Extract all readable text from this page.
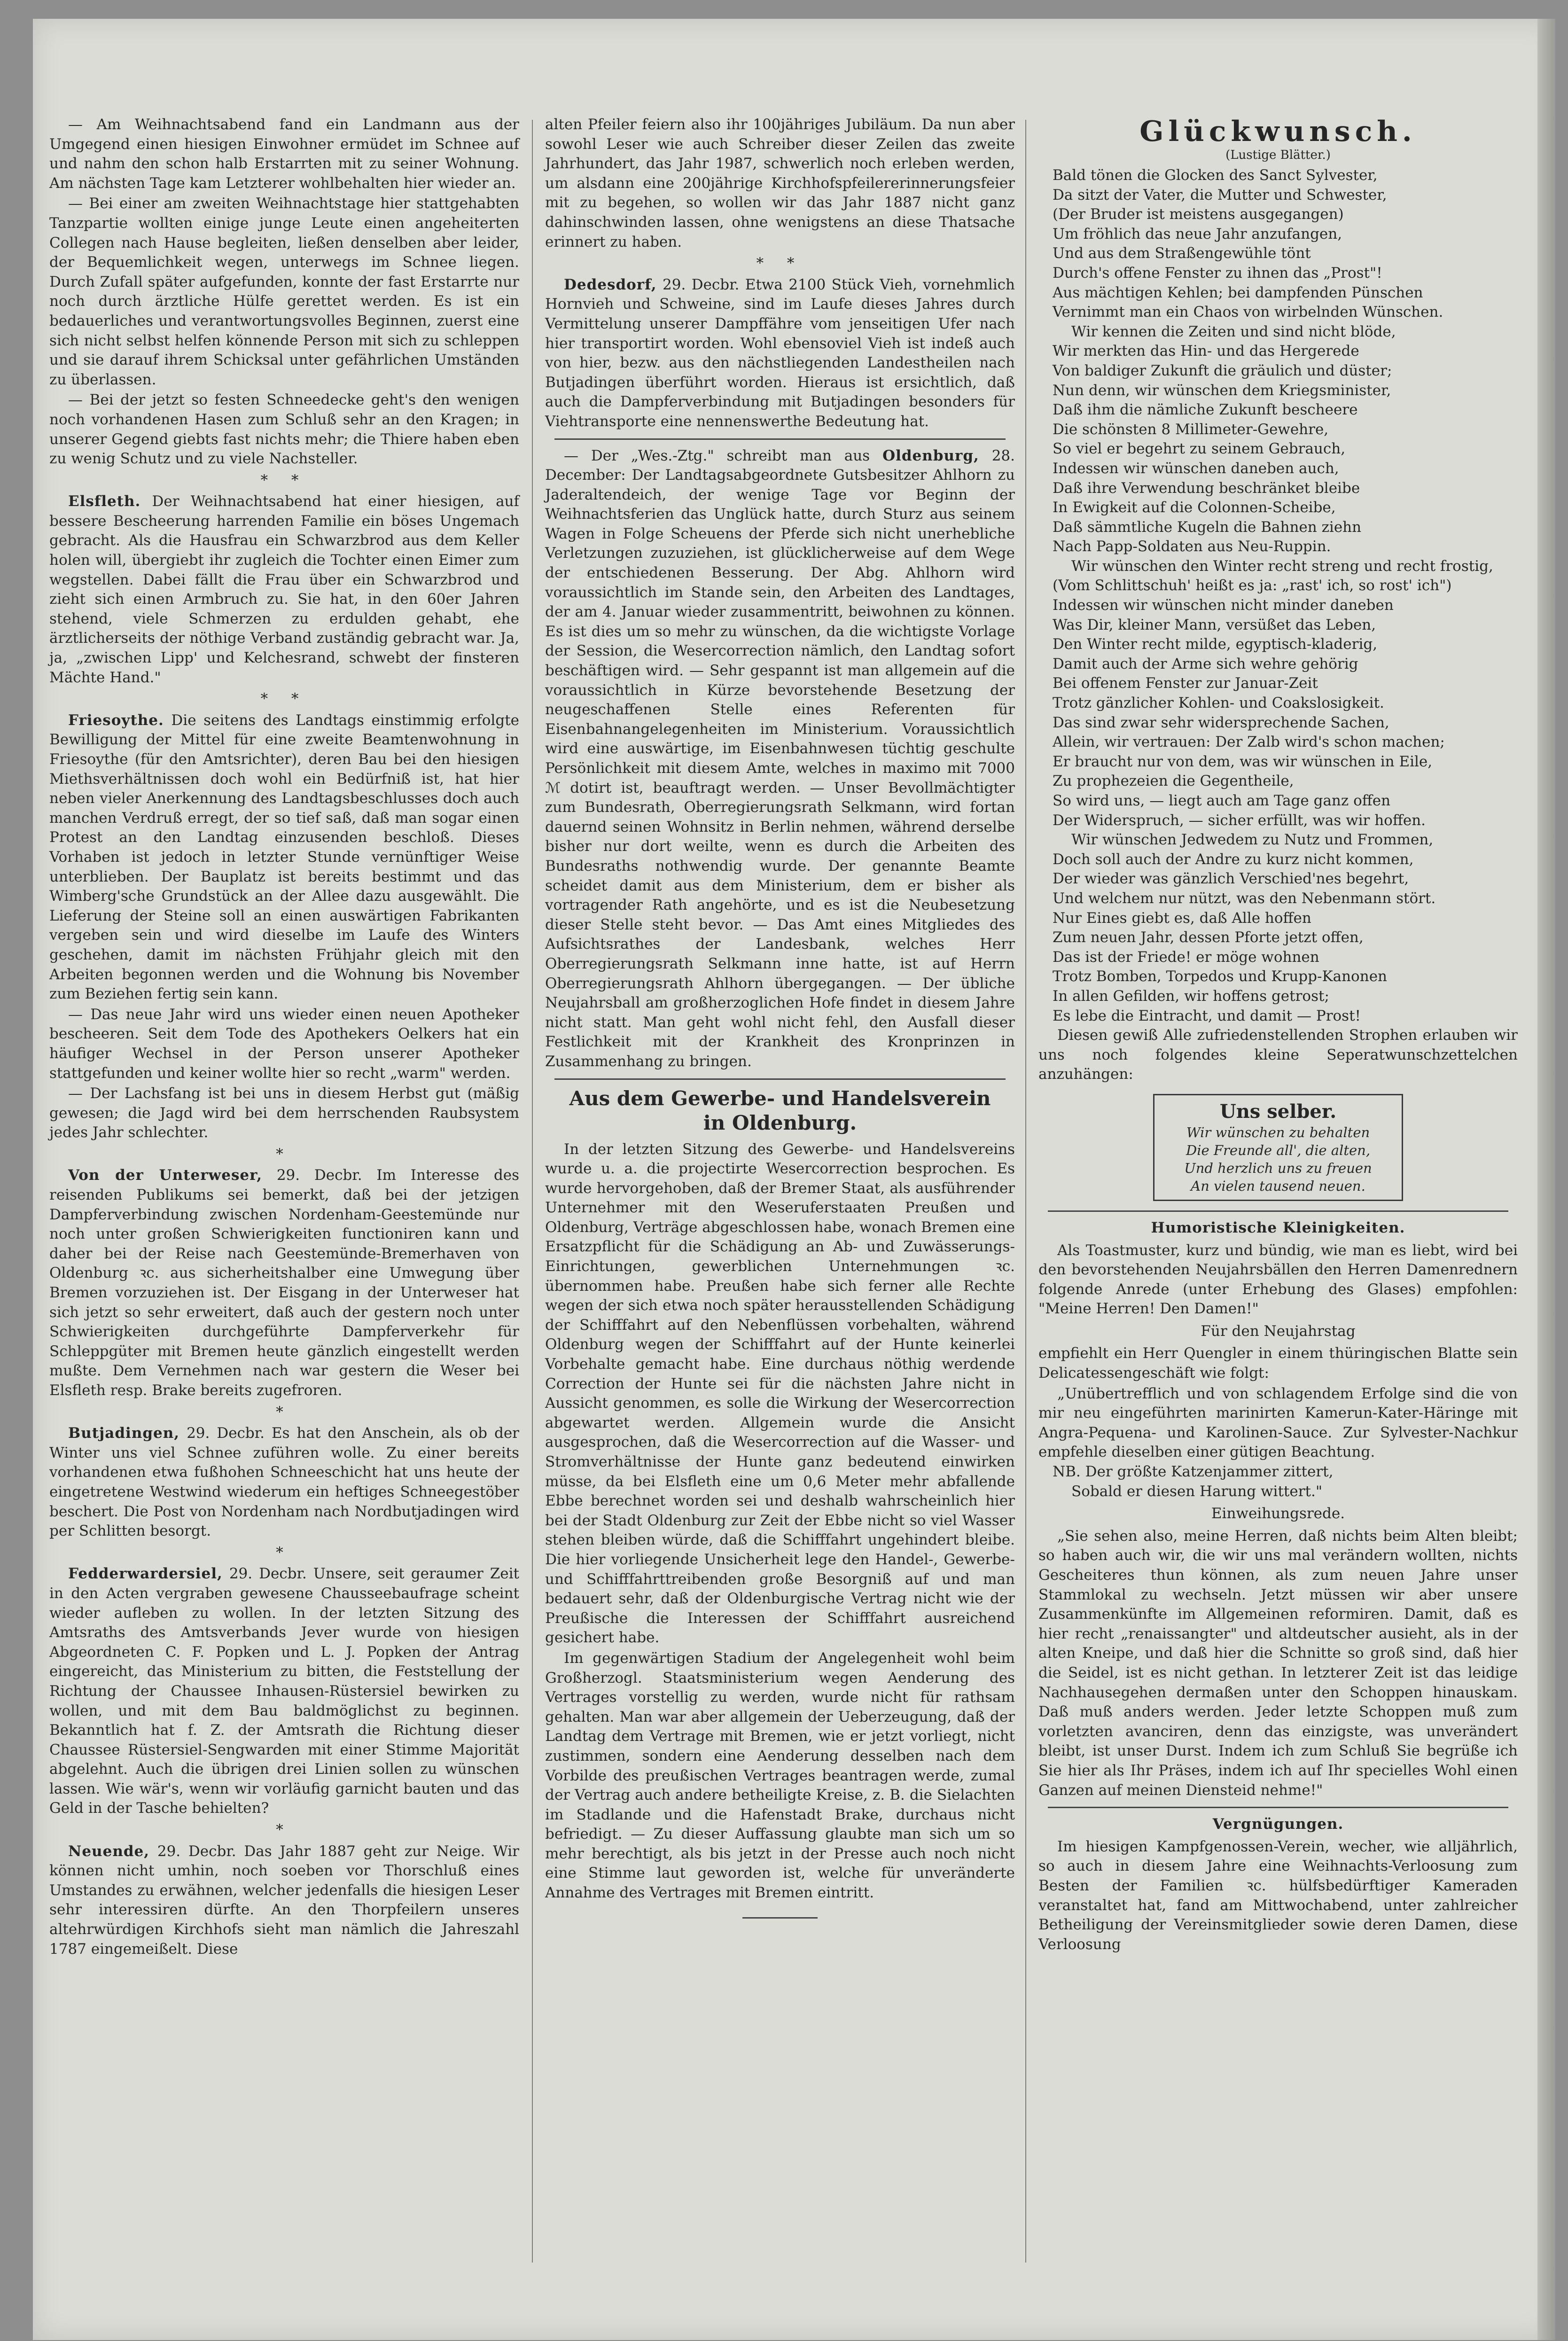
— Am Weihnachtsabend fand ein Landmann aus der Umgegend einen hiesigen Einwohner ermüdet im Schnee auf und nahm den schon halb Erstarrten mit zu seiner Wohnung. Am nächsten Tage kam Letzterer wohlbehalten hier wieder an.

— Bei einer am zweiten Weihnachtstage hier stattgehabten Tanzpartie wollten einige junge Leute einen angeheiterten Collegen nach Hause begleiten, ließen denselben aber leider, der Bequemlichkeit wegen, unterwegs im Schnee liegen. Durch Zufall später aufgefunden, konnte der fast Erstarrte nur noch durch ärztliche Hülfe gerettet werden. Es ist ein bedauerliches und verantwortungsvolles Beginnen, zuerst eine sich nicht selbst helfen könnende Person mit sich zu schleppen und sie darauf ihrem Schicksal unter gefährlichen Umständen zu überlassen.

— Bei der jetzt so festen Schneedecke geht's den wenigen noch vorhandenen Hasen zum Schluß sehr an den Kragen; in unserer Gegend giebts fast nichts mehr; die Thiere haben eben zu wenig Schutz und zu viele Nachsteller.

* *

Elsfleth. Der Weihnachtsabend hat einer hiesigen, auf bessere Bescheerung harrenden Familie ein böses Ungemach gebracht. Als die Hausfrau ein Schwarzbrod aus dem Keller holen will, übergiebt ihr zugleich die Tochter einen Eimer zum wegstellen. Dabei fällt die Frau über ein Schwarzbrod und zieht sich einen Armbruch zu. Sie hat, in den 60er Jahren stehend, viele Schmerzen zu erdulden gehabt, ehe ärztlicherseits der nöthige Verband zuständig gebracht war. Ja, ja, „zwischen Lipp' und Kelchesrand, schwebt der finsteren Mächte Hand."

* *

Friesoythe. Die seitens des Landtags einstimmig erfolgte Bewilligung der Mittel für eine zweite Beamtenwohnung in Friesoythe (für den Amtsrichter), deren Bau bei den hiesigen Miethsverhältnissen doch wohl ein Bedürfniß ist, hat hier neben vieler Anerkennung des Landtagsbeschlusses doch auch manchen Verdruß erregt, der so tief saß, daß man sogar einen Protest an den Landtag einzusenden beschloß. Dieses Vorhaben ist jedoch in letzter Stunde vernünftiger Weise unterblieben. Der Bauplatz ist bereits bestimmt und das Wimberg'sche Grundstück an der Allee dazu ausgewählt. Die Lieferung der Steine soll an einen auswärtigen Fabrikanten vergeben sein und wird dieselbe im Laufe des Winters geschehen, damit im nächsten Frühjahr gleich mit den Arbeiten begonnen werden und die Wohnung bis November zum Beziehen fertig sein kann.

— Das neue Jahr wird uns wieder einen neuen Apotheker bescheeren. Seit dem Tode des Apothekers Oelkers hat ein häufiger Wechsel in der Person unserer Apotheker stattgefunden und keiner wollte hier so recht „warm" werden.

— Der Lachsfang ist bei uns in diesem Herbst gut (mäßig gewesen; die Jagd wird bei dem herrschenden Raubsystem jedes Jahr schlechter.

*

Von der Unterweser, 29. Decbr. Im Interesse des reisenden Publikums sei bemerkt, daß bei der jetzigen Dampferverbindung zwischen Nordenham-Geestemünde nur noch unter großen Schwierigkeiten functioniren kann und daher bei der Reise nach Geestemünde-Bremerhaven von Oldenburg ꝛc. aus sicherheitshalber eine Umwegung über Bremen vorzuziehen ist. Der Eisgang in der Unterweser hat sich jetzt so sehr erweitert, daß auch der gestern noch unter Schwierigkeiten durchgeführte Dampferverkehr für Schleppgüter mit Bremen heute gänzlich eingestellt werden mußte. Dem Vernehmen nach war gestern die Weser bei Elsfleth resp. Brake bereits zugefroren.

*

Butjadingen, 29. Decbr. Es hat den Anschein, als ob der Winter uns viel Schnee zuführen wolle. Zu einer bereits vorhandenen etwa fußhohen Schneeschicht hat uns heute der eingetretene Westwind wiederum ein heftiges Schneegestöber beschert. Die Post von Nordenham nach Nordbutjadingen wird per Schlitten besorgt.

*

Fedderwardersiel, 29. Decbr. Unsere, seit geraumer Zeit in den Acten vergraben gewesene Chausseebaufrage scheint wieder aufleben zu wollen. In der letzten Sitzung des Amtsraths des Amtsverbands Jever wurde von hiesigen Abgeordneten C. F. Popken und L. J. Popken der Antrag eingereicht, das Ministerium zu bitten, die Feststellung der Richtung der Chaussee Inhausen-Rüstersiel bewirken zu wollen, und mit dem Bau baldmöglichst zu beginnen. Bekanntlich hat f. Z. der Amtsrath die Richtung dieser Chaussee Rüstersiel-Sengwarden mit einer Stimme Majorität abgelehnt. Auch die übrigen drei Linien sollen zu wünschen lassen. Wie wär's, wenn wir vorläufig garnicht bauten und das Geld in der Tasche behielten?

*

Neuende, 29. Decbr. Das Jahr 1887 geht zur Neige. Wir können nicht umhin, noch soeben vor Thorschluß eines Umstandes zu erwähnen, welcher jedenfalls die hiesigen Leser sehr interessiren dürfte. An den Thorpfeilern unseres altehrwürdigen Kirchhofs sieht man nämlich die Jahreszahl 1787 eingemeißelt. Diese

alten Pfeiler feiern also ihr 100jähriges Jubiläum. Da nun aber sowohl Leser wie auch Schreiber dieser Zeilen das zweite Jahrhundert, das Jahr 1987, schwerlich noch erleben werden, um alsdann eine 200jährige Kirchhofspfeilererinnerungsfeier mit zu begehen, so wollen wir das Jahr 1887 nicht ganz dahinschwinden lassen, ohne wenigstens an diese Thatsache erinnert zu haben.

* *

Dedesdorf, 29. Decbr. Etwa 2100 Stück Vieh, vornehmlich Hornvieh und Schweine, sind im Laufe dieses Jahres durch Vermittelung unserer Dampffähre vom jenseitigen Ufer nach hier transportirt worden. Wohl ebensoviel Vieh ist indeß auch von hier, bezw. aus den nächstliegenden Landestheilen nach Butjadingen überführt worden. Hieraus ist ersichtlich, daß auch die Dampferverbindung mit Butjadingen besonders für Viehtransporte eine nennenswerthe Bedeutung hat.

— Der „Wes.-Ztg." schreibt man aus Oldenburg, 28. December: Der Landtagsabgeordnete Gutsbesitzer Ahlhorn zu Jaderaltendeich, der wenige Tage vor Beginn der Weihnachtsferien das Unglück hatte, durch Sturz aus seinem Wagen in Folge Scheuens der Pferde sich nicht unerhebliche Verletzungen zuzuziehen, ist glücklicherweise auf dem Wege der entschiedenen Besserung. Der Abg. Ahlhorn wird voraussichtlich im Stande sein, den Arbeiten des Landtages, der am 4. Januar wieder zusammentritt, beiwohnen zu können. Es ist dies um so mehr zu wünschen, da die wichtigste Vorlage der Session, die Wesercorrection nämlich, den Landtag sofort beschäftigen wird. — Sehr gespannt ist man allgemein auf die voraussichtlich in Kürze bevorstehende Besetzung der neugeschaffenen Stelle eines Referenten für Eisenbahnangelegenheiten im Ministerium. Voraussichtlich wird eine auswärtige, im Eisenbahnwesen tüchtig geschulte Persönlichkeit mit diesem Amte, welches in maximo mit 7000 ℳ dotirt ist, beauftragt werden. — Unser Bevollmächtigter zum Bundesrath, Oberregierungsrath Selkmann, wird fortan dauernd seinen Wohnsitz in Berlin nehmen, während derselbe bisher nur dort weilte, wenn es durch die Arbeiten des Bundesraths nothwendig wurde. Der genannte Beamte scheidet damit aus dem Ministerium, dem er bisher als vortragender Rath angehörte, und es ist die Neubesetzung dieser Stelle steht bevor. — Das Amt eines Mitgliedes des Aufsichtsrathes der Landesbank, welches Herr Oberregierungsrath Selkmann inne hatte, ist auf Herrn Oberregierungsrath Ahlhorn übergegangen. — Der übliche Neujahrsball am großherzoglichen Hofe findet in diesem Jahre nicht statt. Man geht wohl nicht fehl, den Ausfall dieser Festlichkeit mit der Krankheit des Kronprinzen in Zusammenhang zu bringen.

Aus dem Gewerbe- und Handelsverein
in Oldenburg.

In der letzten Sitzung des Gewerbe- und Handelsvereins wurde u. a. die projectirte Wesercorrection besprochen. Es wurde hervorgehoben, daß der Bremer Staat, als ausführender Unternehmer mit den Weseruferstaaten Preußen und Oldenburg, Verträge abgeschlossen habe, wonach Bremen eine Ersatzpflicht für die Schädigung an Ab- und Zuwässerungs-Einrichtungen, gewerblichen Unternehmungen ꝛc. übernommen habe. Preußen habe sich ferner alle Rechte wegen der sich etwa noch später herausstellenden Schädigung der Schifffahrt auf den Nebenflüssen vorbehalten, während Oldenburg wegen der Schifffahrt auf der Hunte keinerlei Vorbehalte gemacht habe. Eine durchaus nöthig werdende Correction der Hunte sei für die nächsten Jahre nicht in Aussicht genommen, es solle die Wirkung der Wesercorrection abgewartet werden. Allgemein wurde die Ansicht ausgesprochen, daß die Wesercorrection auf die Wasser- und Stromverhältnisse der Hunte ganz bedeutend einwirken müsse, da bei Elsfleth eine um 0,6 Meter mehr abfallende Ebbe berechnet worden sei und deshalb wahrscheinlich hier bei der Stadt Oldenburg zur Zeit der Ebbe nicht so viel Wasser stehen bleiben würde, daß die Schifffahrt ungehindert bleibe. Die hier vorliegende Unsicherheit lege den Handel-, Gewerbe- und Schifffahrttreibenden große Besorgniß auf und man bedauert sehr, daß der Oldenburgische Vertrag nicht wie der Preußische die Interessen der Schifffahrt ausreichend gesichert habe.

Im gegenwärtigen Stadium der Angelegenheit wohl beim Großherzogl. Staatsministerium wegen Aenderung des Vertrages vorstellig zu werden, wurde nicht für rathsam gehalten. Man war aber allgemein der Ueberzeugung, daß der Landtag dem Vertrage mit Bremen, wie er jetzt vorliegt, nicht zustimmen, sondern eine Aenderung desselben nach dem Vorbilde des preußischen Vertrages beantragen werde, zumal der Vertrag auch andere betheiligte Kreise, z. B. die Sielachten im Stadlande und die Hafenstadt Brake, durchaus nicht befriedigt. — Zu dieser Auffassung glaubte man sich um so mehr berechtigt, als bis jetzt in der Presse auch noch nicht eine Stimme laut geworden ist, welche für unveränderte Annahme des Vertrages mit Bremen eintritt.

Glückwunsch.

(Lustige Blätter.)

Bald tönen die Glocken des Sanct Sylvester,

Da sitzt der Vater, die Mutter und Schwester,

(Der Bruder ist meistens ausgegangen)

Um fröhlich das neue Jahr anzufangen,

Und aus dem Straßengewühle tönt

Durch's offene Fenster zu ihnen das „Prost"!

Aus mächtigen Kehlen; bei dampfenden Pünschen

Vernimmt man ein Chaos von wirbelnden Wünschen.

Wir kennen die Zeiten und sind nicht blöde,

Wir merkten das Hin- und das Hergerede

Von baldiger Zukunft die gräulich und düster;

Nun denn, wir wünschen dem Kriegsminister,

Daß ihm die nämliche Zukunft bescheere

Die schönsten 8 Millimeter-Gewehre,

So viel er begehrt zu seinem Gebrauch,

Indessen wir wünschen daneben auch,

Daß ihre Verwendung beschränket bleibe

In Ewigkeit auf die Colonnen-Scheibe,

Daß sämmtliche Kugeln die Bahnen ziehn

Nach Papp-Soldaten aus Neu-Ruppin.

Wir wünschen den Winter recht streng und recht frostig,

(Vom Schlittschuh' heißt es ja: „rast' ich, so rost' ich")

Indessen wir wünschen nicht minder daneben

Was Dir, kleiner Mann, versüßet das Leben,

Den Winter recht milde, egyptisch-kladerig,

Damit auch der Arme sich wehre gehörig

Bei offenem Fenster zur Januar-Zeit

Trotz gänzlicher Kohlen- und Coakslosigkeit.

Das sind zwar sehr widersprechende Sachen,

Allein, wir vertrauen: Der Zalb wird's schon machen;

Er braucht nur von dem, was wir wünschen in Eile,

Zu prophezeien die Gegentheile,

So wird uns, — liegt auch am Tage ganz offen

Der Widerspruch, — sicher erfüllt, was wir hoffen.

Wir wünschen Jedwedem zu Nutz und Frommen,

Doch soll auch der Andre zu kurz nicht kommen,

Der wieder was gänzlich Verschied'nes begehrt,

Und welchem nur nützt, was den Nebenmann stört.

Nur Eines giebt es, daß Alle hoffen

Zum neuen Jahr, dessen Pforte jetzt offen,

Das ist der Friede! er möge wohnen

Trotz Bomben, Torpedos und Krupp-Kanonen

In allen Gefilden, wir hoffens getrost;

Es lebe die Eintracht, und damit — Prost!

Diesen gewiß Alle zufriedenstellenden Strophen erlauben wir uns noch folgendes kleine Seperatwunschzettelchen anzuhängen:

Uns selber.

Wir wünschen zu behalten

Die Freunde all', die alten,

Und herzlich uns zu freuen

An vielen tausend neuen.

Humoristische Kleinigkeiten.

Als Toastmuster, kurz und bündig, wie man es liebt, wird bei den bevorstehenden Neujahrsbällen den Herren Damenrednern folgende Anrede (unter Erhebung des Glases) empfohlen: "Meine Herren! Den Damen!"

Für den Neujahrstag

empfiehlt ein Herr Quengler in einem thüringischen Blatte sein Delicatessengeschäft wie folgt:

„Unübertrefflich und von schlagendem Erfolge sind die von mir neu eingeführten marinirten Kamerun-Kater-Häringe mit Angra-Pequena- und Karolinen-Sauce. Zur Sylvester-Nachkur empfehle dieselben einer gütigen Beachtung.

NB. Der größte Katzenjammer zittert,

Sobald er diesen Harung wittert."

Einweihungsrede.

„Sie sehen also, meine Herren, daß nichts beim Alten bleibt; so haben auch wir, die wir uns mal verändern wollten, nichts Gescheiteres thun können, als zum neuen Jahre unser Stammlokal zu wechseln. Jetzt müssen wir aber unsere Zusammenkünfte im Allgemeinen reformiren. Damit, daß es hier recht „renaissangter" und altdeutscher ausieht, als in der alten Kneipe, und daß hier die Schnitte so groß sind, daß hier die Seidel, ist es nicht gethan. In letzterer Zeit ist das leidige Nachhausegehen dermaßen unter den Schoppen hinauskam. Daß muß anders werden. Jeder letzte Schoppen muß zum vorletzten avanciren, denn das einzigste, was unverändert bleibt, ist unser Durst. Indem ich zum Schluß Sie begrüße ich Sie hier als Ihr Präses, indem ich auf Ihr specielles Wohl einen Ganzen auf meinen Diensteid nehme!"

Vergnügungen.

Im hiesigen Kampfgenossen-Verein, wecher, wie alljährlich, so auch in diesem Jahre eine Weihnachts-Verloosung zum Besten der Familien ꝛc. hülfsbedürftiger Kameraden veranstaltet hat, fand am Mittwochabend, unter zahlreicher Betheiligung der Vereinsmitglieder sowie deren Damen, diese Verloosung
